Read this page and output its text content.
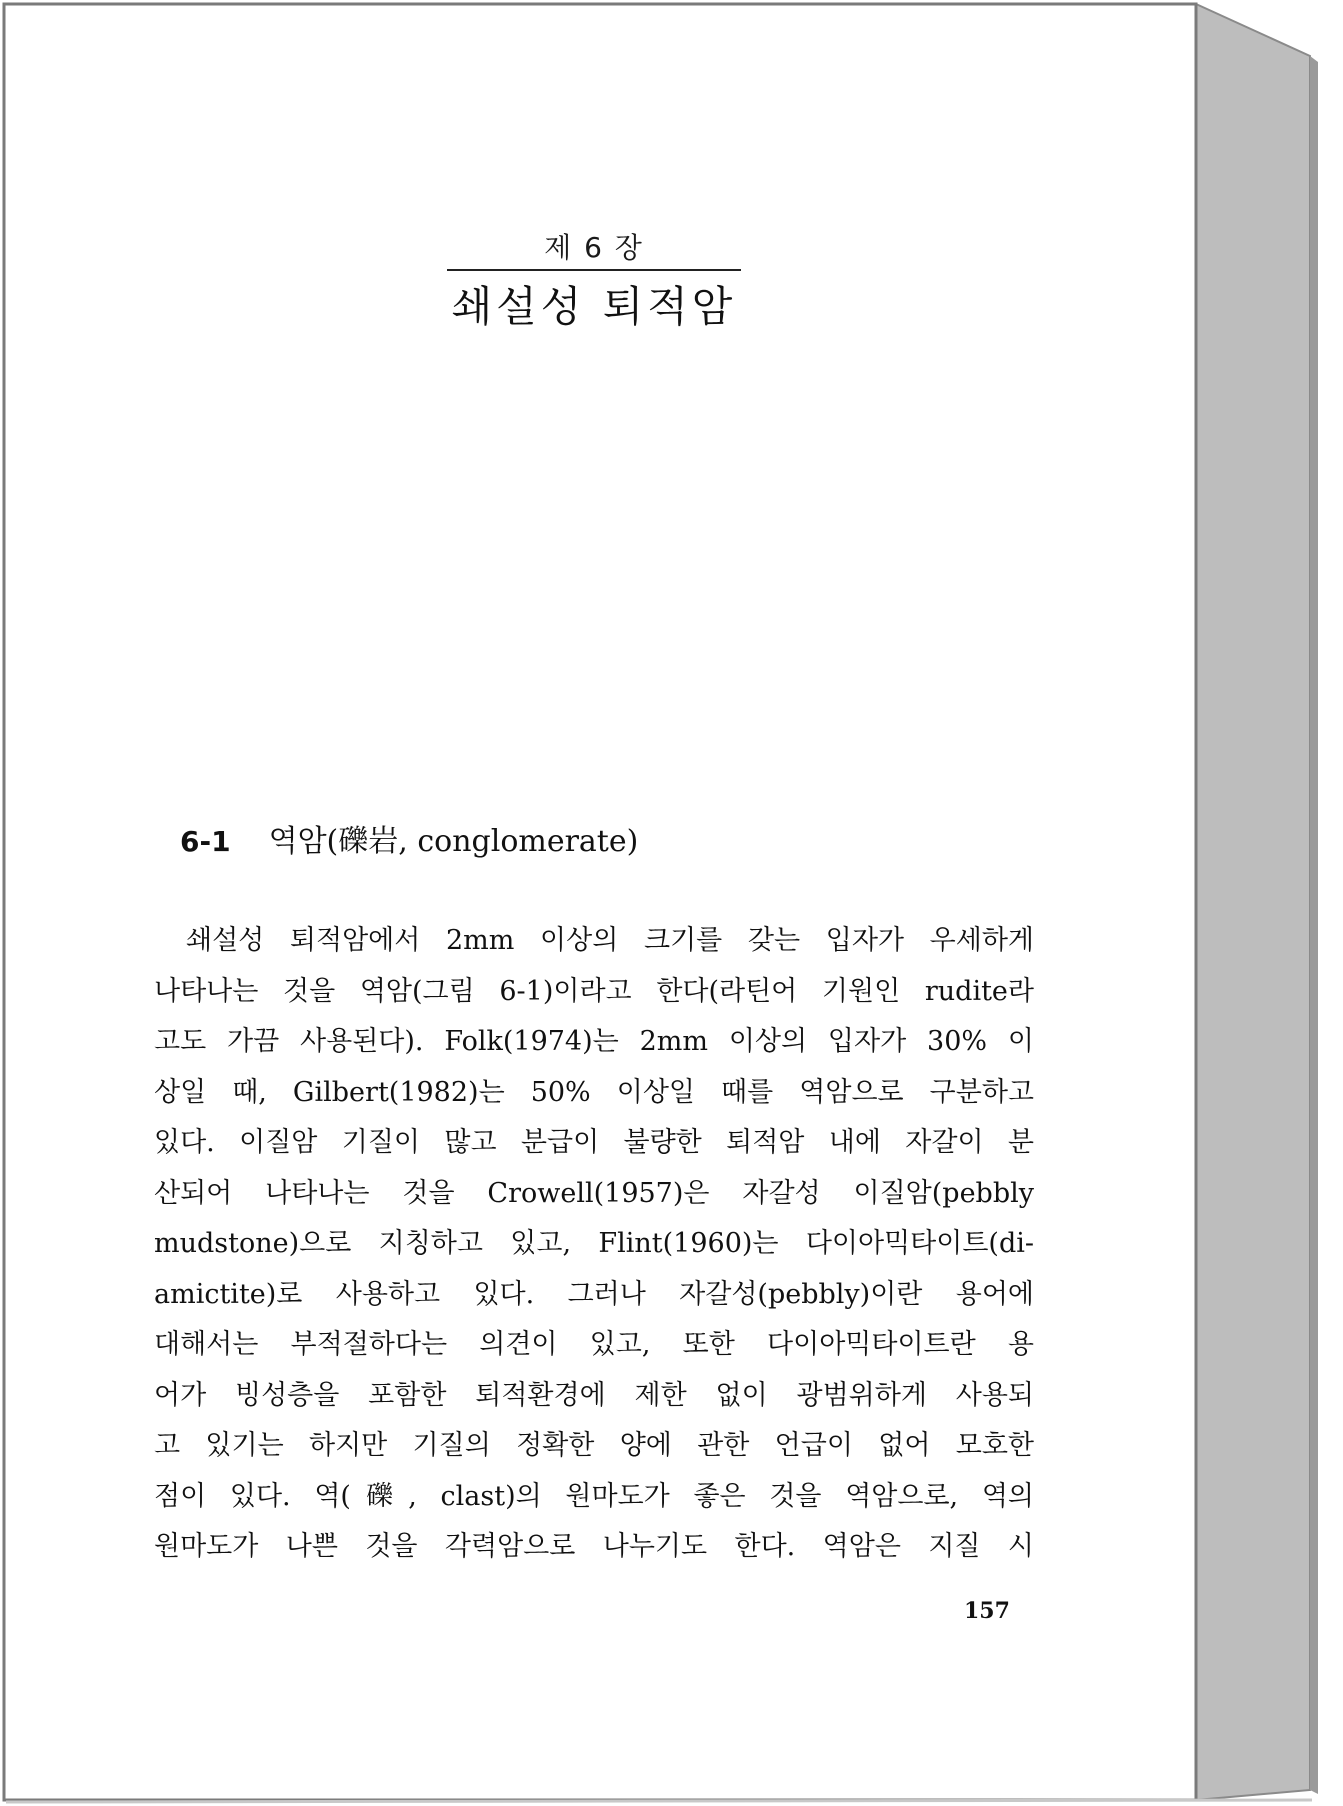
제 6 장
쇄설성 퇴적암
6-1 역암(礫岩, conglomerate)
쇄설성 퇴적암에서 2mm 이상의 크기를 갖는 입자가 우세하게
나타나는 것을 역암(그림 6-1)이라고 한다(라틴어 기원인 rudite라
고도 가끔 사용된다). Folk(1974)는 2mm 이상의 입자가 30% 이
상일 때, Gilbert(1982)는 50% 이상일 때를 역암으로 구분하고
있다. 이질암 기질이 많고 분급이 불량한 퇴적암 내에 자갈이 분
산되어 나타나는 것을 Crowell(1957)은 자갈성 이질암(pebbly
mudstone)으로 지칭하고 있고, Flint(1960)는 다이아믹타이트(di-
amictite)로 사용하고 있다. 그러나 자갈성(pebbly)이란 용어에
대해서는 부적절하다는 의견이 있고, 또한 다이아믹타이트란 용
어가 빙성층을 포함한 퇴적환경에 제한 없이 광범위하게 사용되
고 있기는 하지만 기질의 정확한 양에 관한 언급이 없어 모호한
점이 있다. 역(礫, clast)의 원마도가 좋은 것을 역암으로, 역의
원마도가 나쁜 것을 각력암으로 나누기도 한다. 역암은 지질 시
157
